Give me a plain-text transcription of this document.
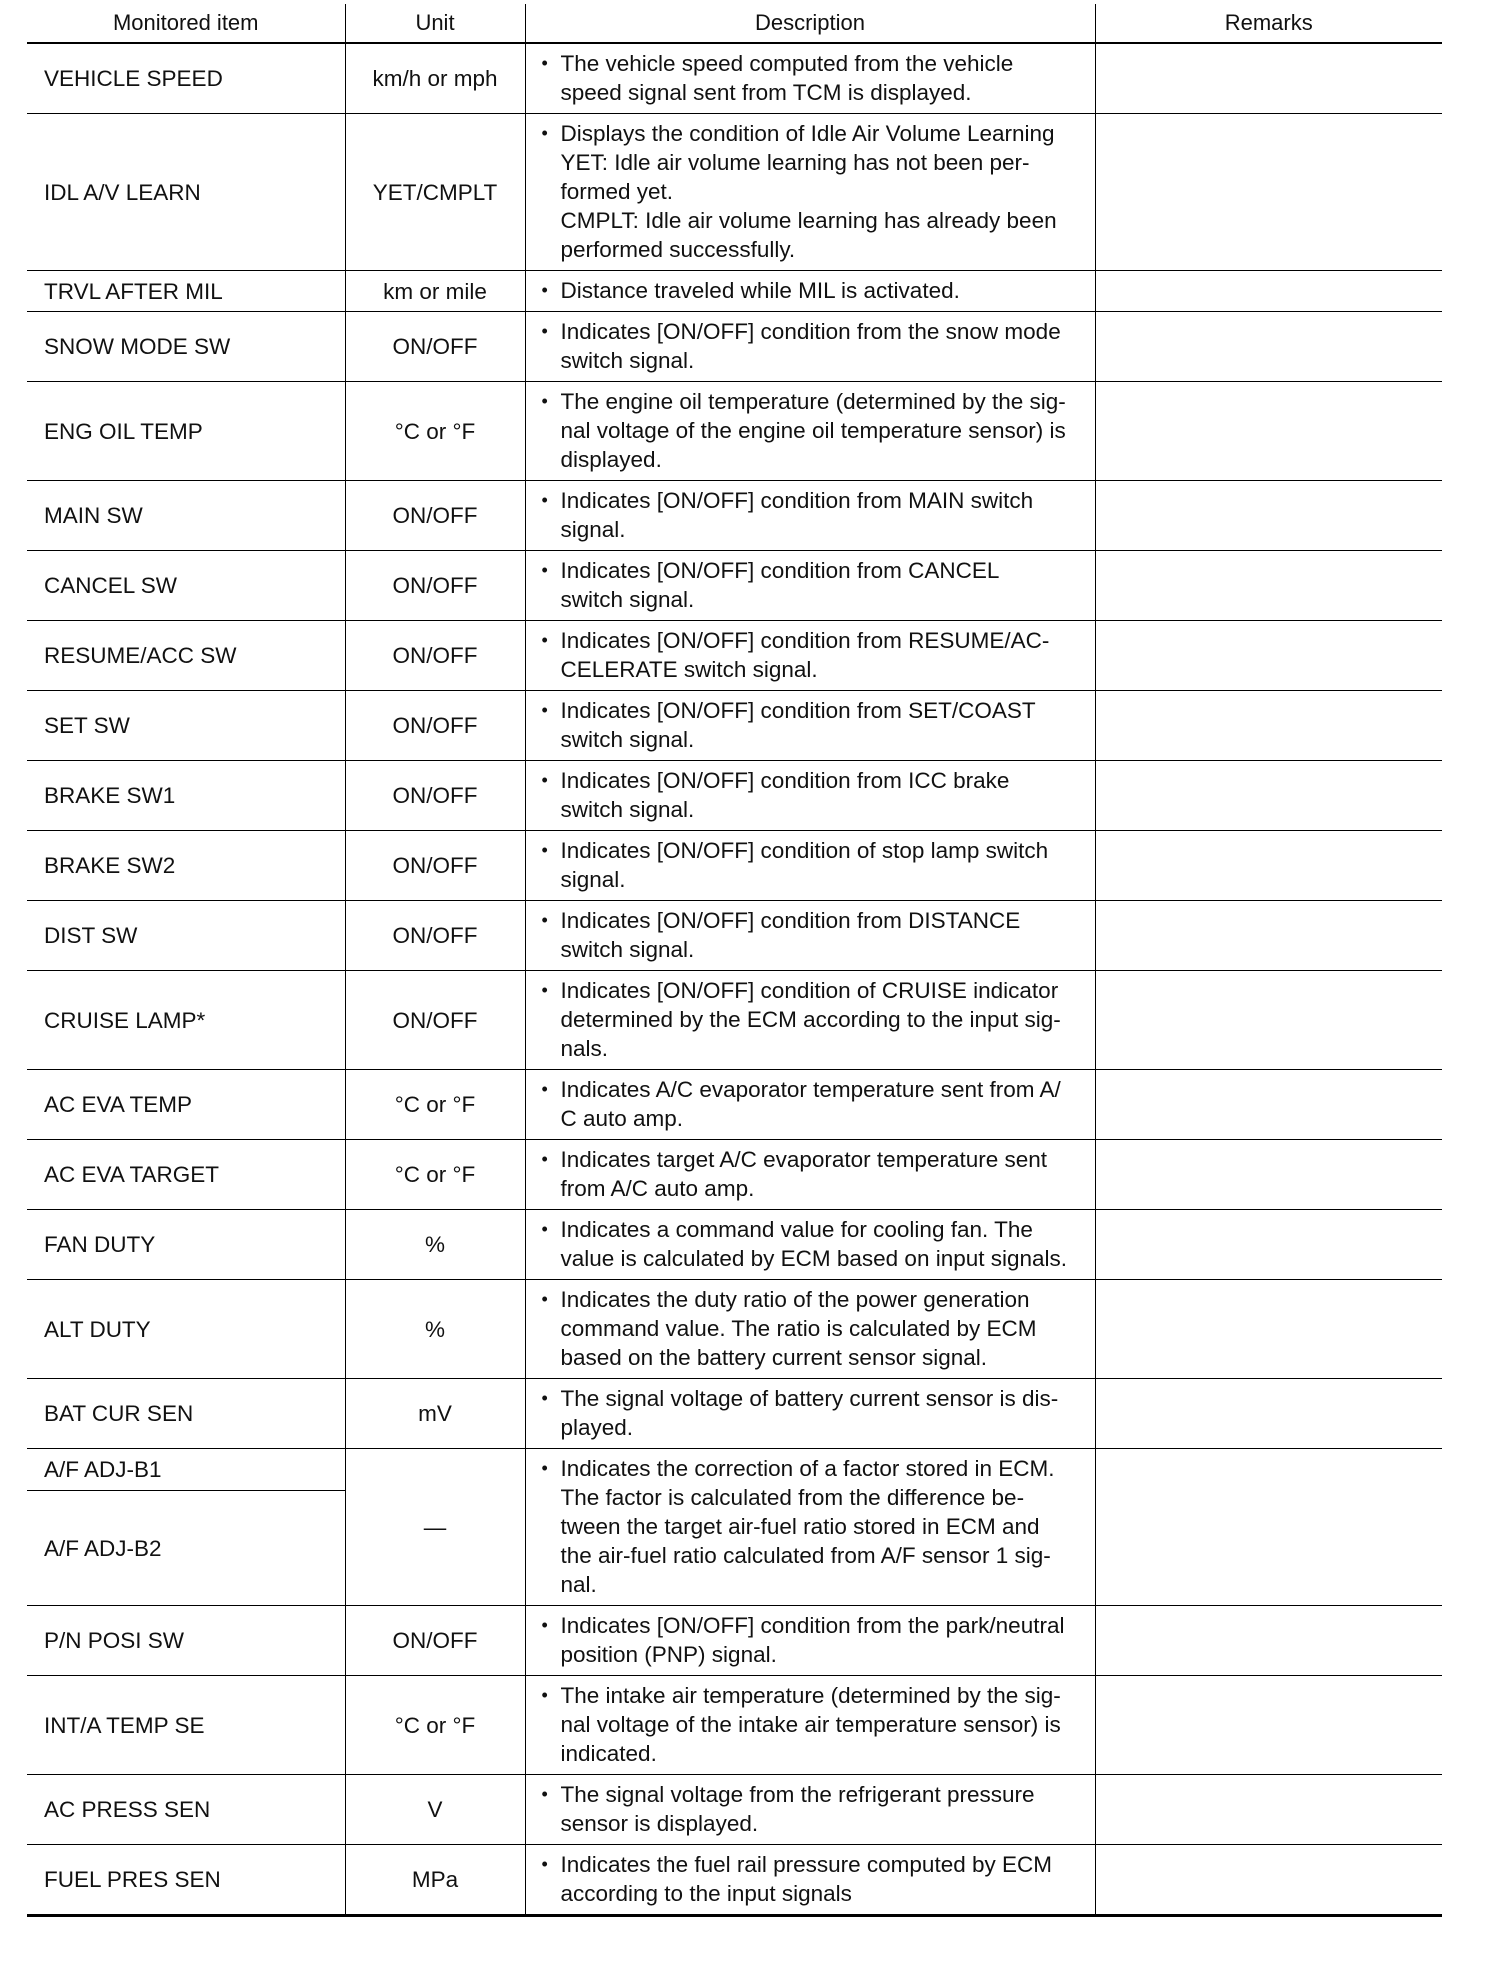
Monitored item	Unit	Description	Remarks
VEHICLE SPEED	km/h or mph	• The vehicle speed computed from the vehicle
speed signal sent from TCM is displayed.

IDL A/V LEARN	YET/CMPLT	• Displays the condition of Idle Air Volume Learning
YET: Idle air volume learning has not been per-
formed yet.
CMPLT: Idle air volume learning has already been
performed successfully.

TRVL AFTER MIL	km or mile	• Distance traveled while MIL is activated.

SNOW MODE SW	ON/OFF	• Indicates [ON/OFF] condition from the snow mode
switch signal.

ENG OIL TEMP	°C or °F	• The engine oil temperature (determined by the sig-
nal voltage of the engine oil temperature sensor) is
displayed.

MAIN SW	ON/OFF	• Indicates [ON/OFF] condition from MAIN switch
signal.

CANCEL SW	ON/OFF	• Indicates [ON/OFF] condition from CANCEL
switch signal.

RESUME/ACC SW	ON/OFF	• Indicates [ON/OFF] condition from RESUME/AC-
CELERATE switch signal.

SET SW	ON/OFF	• Indicates [ON/OFF] condition from SET/COAST
switch signal.

BRAKE SW1	ON/OFF	• Indicates [ON/OFF] condition from ICC brake
switch signal.

BRAKE SW2	ON/OFF	• Indicates [ON/OFF] condition of stop lamp switch
signal.

DIST SW	ON/OFF	• Indicates [ON/OFF] condition from DISTANCE
switch signal.

CRUISE LAMP*	ON/OFF	• Indicates [ON/OFF] condition of CRUISE indicator
determined by the ECM according to the input sig-
nals.

AC EVA TEMP	°C or °F	• Indicates A/C evaporator temperature sent from A/
C auto amp.

AC EVA TARGET	°C or °F	• Indicates target A/C evaporator temperature sent
from A/C auto amp.

FAN DUTY	%	• Indicates a command value for cooling fan. The
value is calculated by ECM based on input signals.

ALT DUTY	%	• Indicates the duty ratio of the power generation
command value. The ratio is calculated by ECM
based on the battery current sensor signal.

BAT CUR SEN	mV	• The signal voltage of battery current sensor is dis-
played.

A/F ADJ-B1	—	• Indicates the correction of a factor stored in ECM.
The factor is calculated from the difference be-
tween the target air-fuel ratio stored in ECM and
the air-fuel ratio calculated from A/F sensor 1 sig-
nal.

A/F ADJ-B2			
P/N POSI SW	ON/OFF	• Indicates [ON/OFF] condition from the park/neutral
position (PNP) signal.

INT/A TEMP SE	°C or °F	• The intake air temperature (determined by the sig-
nal voltage of the intake air temperature sensor) is
indicated.

AC PRESS SEN	V	• The signal voltage from the refrigerant pressure
sensor is displayed.

FUEL PRES SEN	MPa	• Indicates the fuel rail pressure computed by ECM
according to the input signals
